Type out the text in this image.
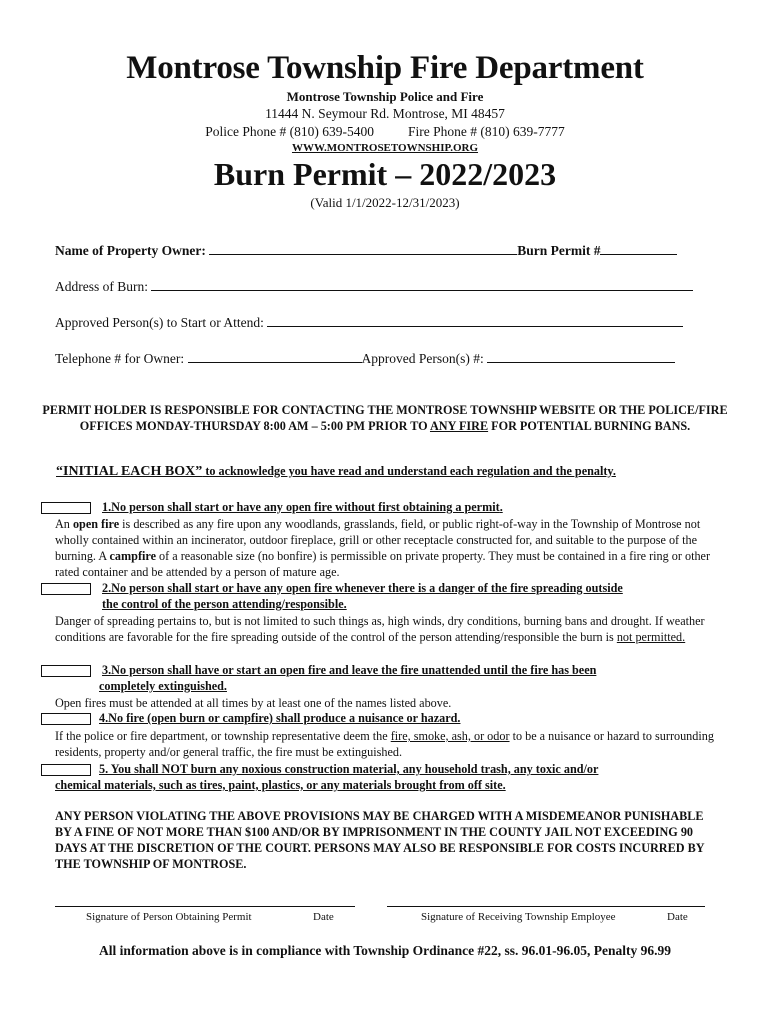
Montrose Township Fire Department
Montrose Township Police and Fire
11444 N. Seymour Rd. Montrose, MI 48457
Police Phone # (810) 639-5400	Fire Phone # (810) 639-7777
WWW.MONTROSETOWNSHIP.ORG
Burn Permit – 2022/2023
(Valid 1/1/2022-12/31/2023)
Name of Property Owner:	Burn Permit #
Address of Burn:
Approved Person(s) to Start or Attend:
Telephone # for Owner:	Approved Person(s) #:
PERMIT HOLDER IS RESPONSIBLE FOR CONTACTING THE MONTROSE TOWNSHIP WEBSITE OR THE POLICE/FIRE OFFICES MONDAY-THURSDAY 8:00 AM – 5:00 PM PRIOR TO ANY FIRE FOR POTENTIAL BURNING BANS.
“INITIAL EACH BOX” to acknowledge you have read and understand each regulation and the penalty.
1.No person shall start or have any open fire without first obtaining a permit.
An open fire is described as any fire upon any woodlands, grasslands, field, or public right-of-way in the Township of Montrose not wholly contained within an incinerator, outdoor fireplace, grill or other receptacle constructed for, and suitable to the purpose of the burning. A campfire of a reasonable size (no bonfire) is permissible on private property. They must be contained in a fire ring or other rated container and be attended by a person of mature age.
2.No person shall start or have any open fire whenever there is a danger of the fire spreading outside
the control of the person attending/responsible.
Danger of spreading pertains to, but is not limited to such things as, high winds, dry conditions, burning bans and drought. If weather conditions are favorable for the fire spreading outside of the control of the person attending/responsible the burn is not permitted.
3.No person shall have or start an open fire and leave the fire unattended until the fire has been
completely extinguished.
Open fires must be attended at all times by at least one of the names listed above.
4.No fire (open burn or campfire) shall produce a nuisance or hazard.
If the police or fire department, or township representative deem the fire, smoke, ash, or odor to be a nuisance or hazard to surrounding residents, property and/or general traffic, the fire must be extinguished.
5. You shall NOT burn any noxious construction material, any household trash, any toxic and/or
chemical materials, such as tires, paint, plastics, or any materials brought from off site.
ANY PERSON VIOLATING THE ABOVE PROVISIONS MAY BE CHARGED WITH A MISDEMEANOR PUNISHABLE BY A FINE OF NOT MORE THAN $100 AND/OR BY IMPRISONMENT IN THE COUNTY JAIL NOT EXCEEDING 90 DAYS AT THE DISCRETION OF THE COURT. PERSONS MAY ALSO BE RESPONSIBLE FOR COSTS INCURRED BY THE TOWNSHIP OF MONTROSE.
Signature of Person Obtaining Permit	Date	Signature of Receiving Township Employee	Date
All information above is in compliance with Township Ordinance #22, ss. 96.01-96.05, Penalty 96.99
